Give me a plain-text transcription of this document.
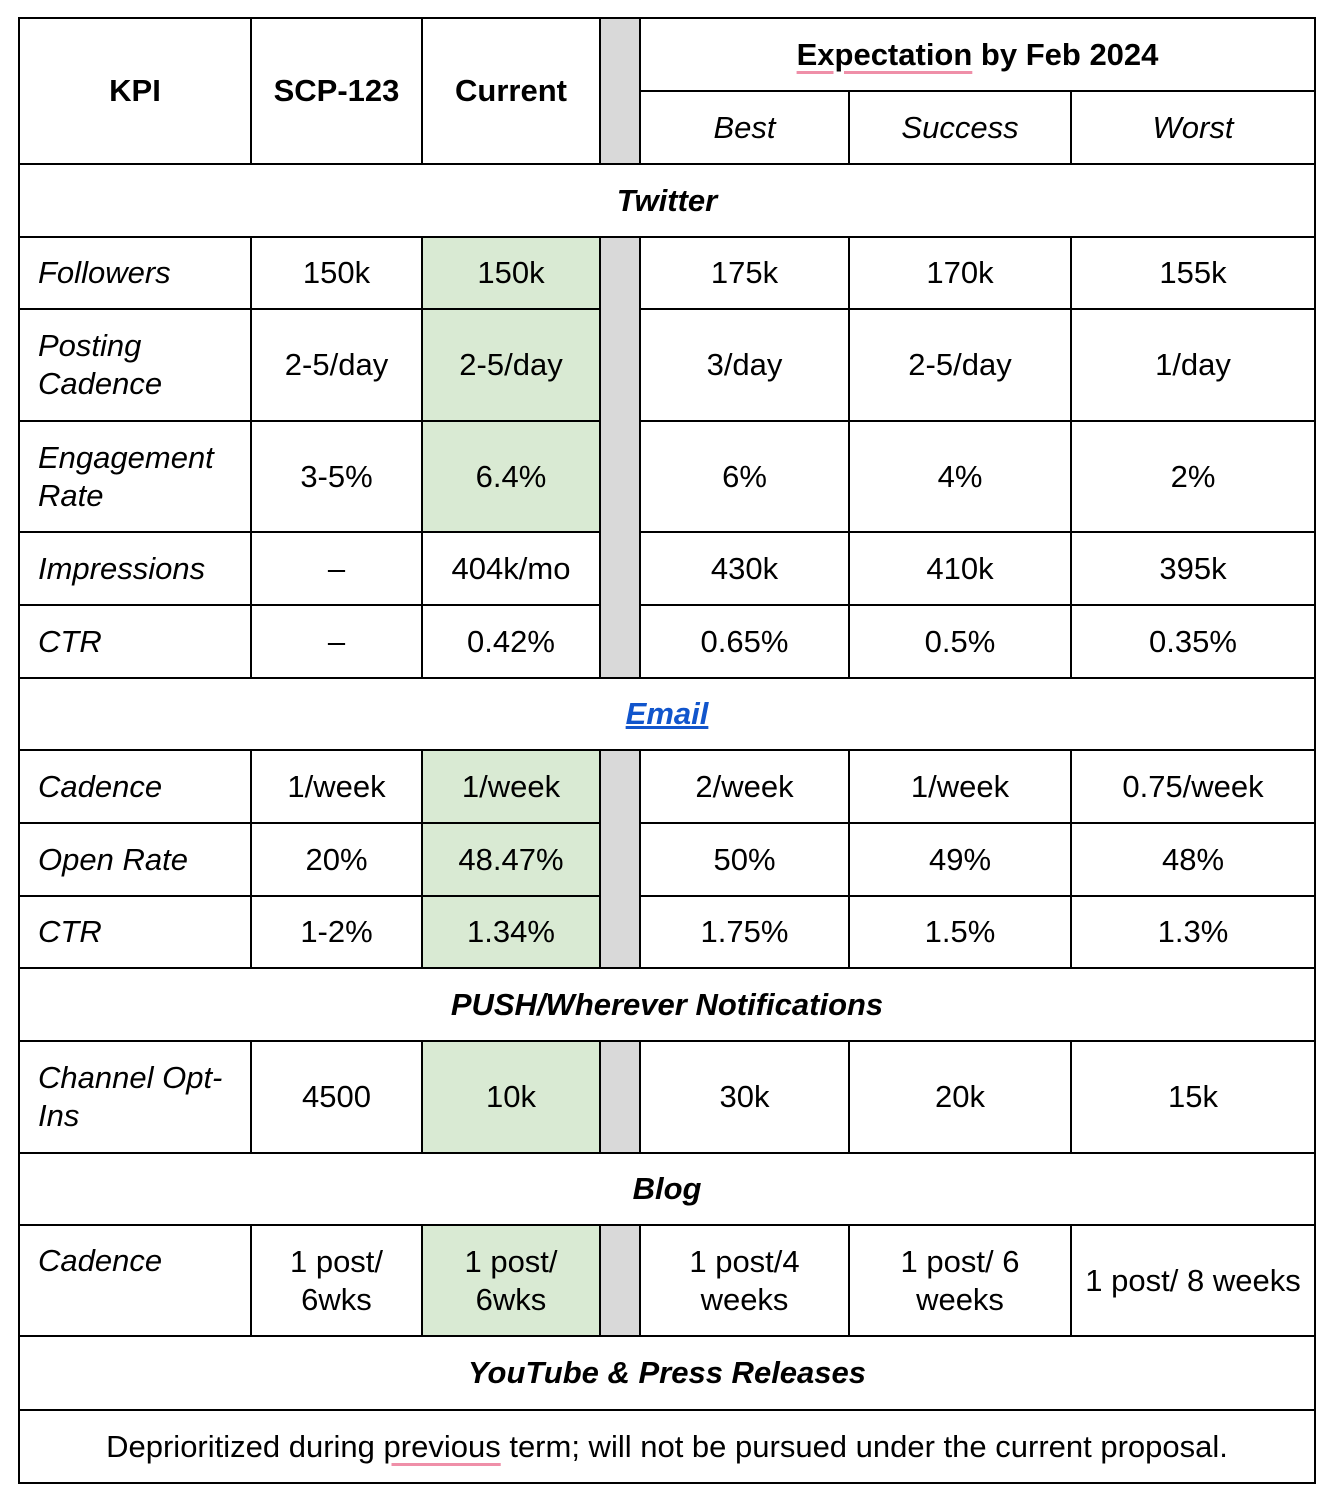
KPI	SCP-123	Current		Expectation by Feb 2024		
				Best	Success	Worst
Twitter						
Followers	150k	150k		175k	170k	155k
Posting Cadence	2-5/day	2-5/day		3/day	2-5/day	1/day
Engagement Rate	3-5%	6.4%		6%	4%	2%
Impressions	–	404k/mo		430k	410k	395k
CTR	–	0.42%		0.65%	0.5%	0.35%
Email						
Cadence	1/week	1/week		2/week	1/week	0.75/week
Open Rate	20%	48.47%		50%	49%	48%
CTR	1-2%	1.34%		1.75%	1.5%	1.3%
PUSH/Wherever Notifications						
Channel Opt-Ins	4500	10k		30k	20k	15k
Blog						
Cadence	1 post/ 6wks	1 post/ 6wks		1 post/4 weeks	1 post/ 6 weeks	1 post/ 8 weeks
YouTube & Press Releases						
Deprioritized during previous term; will not be pursued under the current proposal.						
